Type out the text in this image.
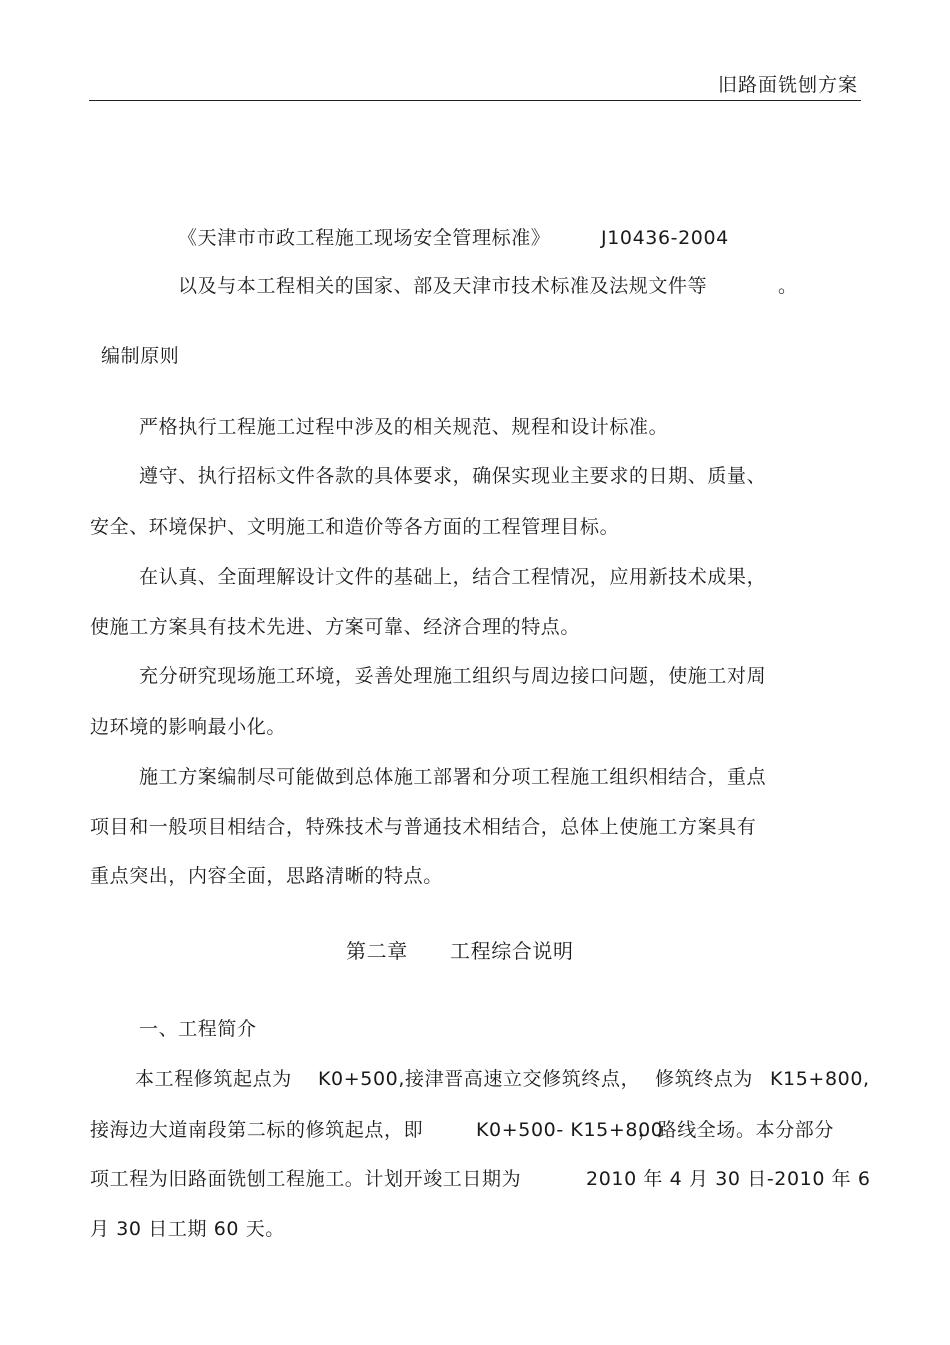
旧路面铣刨方案
《天津市市政工程施工现场安全管理标准》	J10436-2004
以及与本工程相关的国家、部及天津市技术标准及法规文件等	。
编制原则
严格执行工程施工过程中涉及的相关规范、规程和设计标准。
遵守、执行招标文件各款的具体要求，确保实现业主要求的日期、质量、
安全、环境保护、文明施工和造价等各方面的工程管理目标。
在认真、全面理解设计文件的基础上，结合工程情况，应用新技术成果，
使施工方案具有技术先进、方案可靠、经济合理的特点。
充分研究现场施工环境，妥善处理施工组织与周边接口问题，使施工对周
边环境的影响最小化。
施工方案编制尽可能做到总体施工部署和分项工程施工组织相结合，重点
项目和一般项目相结合，特殊技术与普通技术相结合，总体上使施工方案具有
重点突出，内容全面，思路清晰的特点。
第二章 工程综合说明
一、工程简介
本工程修筑起点为 K0+500,接津晋高速立交修筑终点， 修筑终点为 K15+800,
接海边大道南段第二标的修筑起点，即	K0+500- K15+800
，路线全场。本分部分
项工程为旧路面铣刨工程施工。计划开竣工日期为	2010 年 4 月 30 日-2010 年 6
月 30 日工期 60 天。
